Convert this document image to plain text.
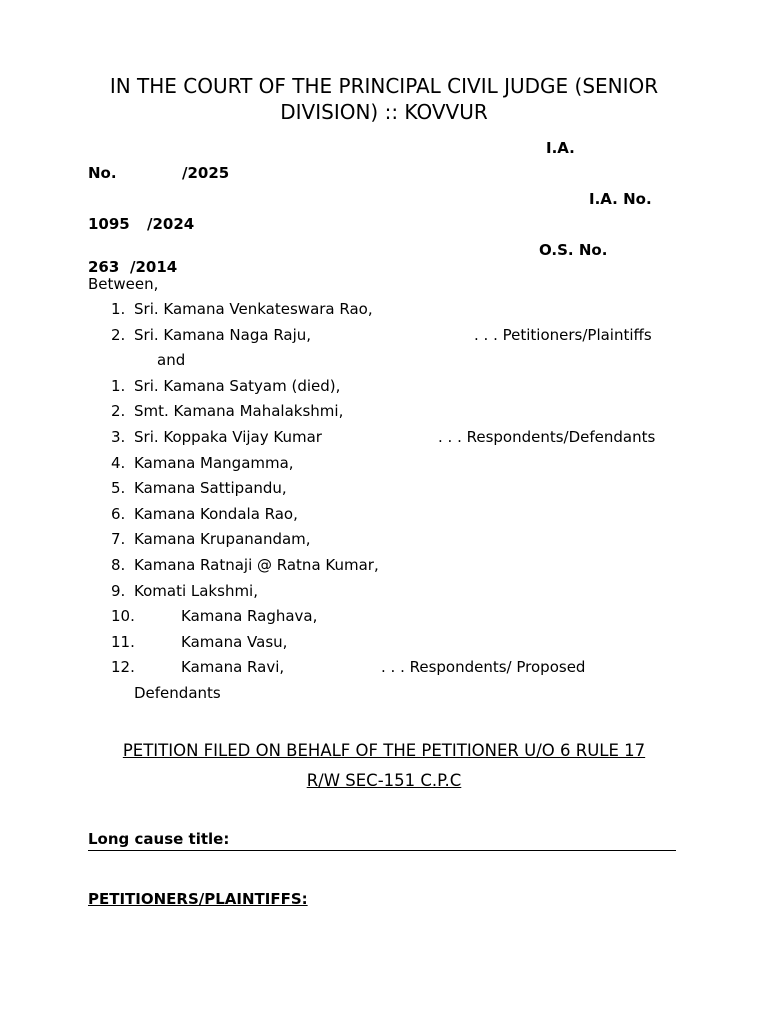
IN THE COURT OF THE PRINCIPAL CIVIL JUDGE (SENIOR
DIVISION) :: KOVVUR
I.A.
No.	/2025
I.A. No.
1095 /2024
O.S. No.
263 /2014
Between,
1. Sri. Kamana Venkateswara Rao,
2. Sri. Kamana Naga Raju,	. . . Petitioners/Plaintiffs
and
1. Sri. Kamana Satyam (died),
2. Smt. Kamana Mahalakshmi,
3. Sri. Koppaka Vijay Kumar	. . . Respondents/Defendants
4. Kamana Mangamma,
5. Kamana Sattipandu,
6. Kamana Kondala Rao,
7. Kamana Krupanandam,
8. Kamana Ratnaji @ Ratna Kumar,
9. Komati Lakshmi,
10.	Kamana Raghava,
11.	Kamana Vasu,
12.	Kamana Ravi,	. . . Respondents/ Proposed
Defendants
PETITION FILED ON BEHALF OF THE PETITIONER U/O 6 RULE 17
R/W SEC-151 C.P.C
Long cause title:
PETITIONERS/PLAINTIFFS:
